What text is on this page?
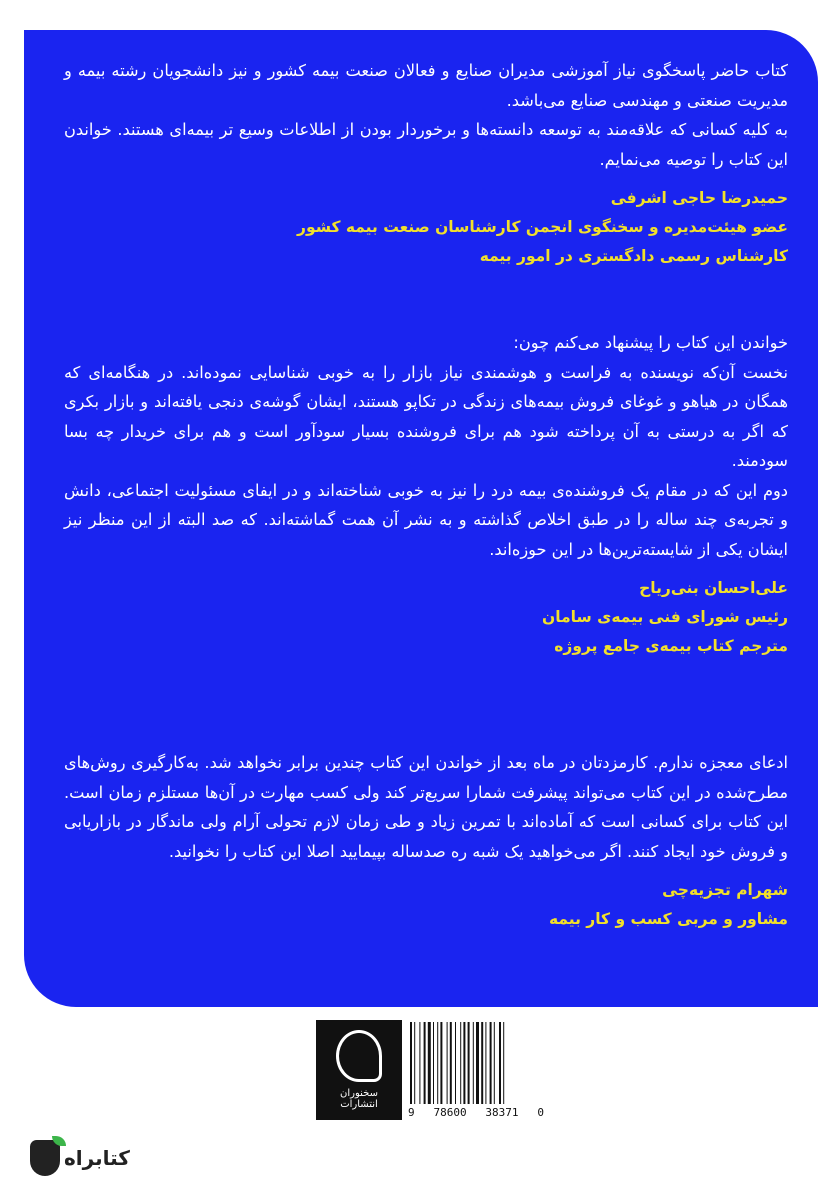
کتاب حاضر پاسخگوی نیاز آموزشی مدیران صنایع و فعالان صنعت بیمه کشور و نیز دانشجویان رشته بیمه و مدیریت صنعتی و مهندسی صنایع می‌باشد.

به کلیه کسانی که علاقه‌مند به توسعه دانسته‌ها و برخوردار بودن از اطلاعات وسیع تر بیمه‌ای هستند. خواندن این کتاب را توصیه می‌نمایم.

حمیدرضا حاجی اشرفی
عضو هیئت‌مدیره و سخنگوی انجمن کارشناسان صنعت بیمه کشور
کارشناس رسمی دادگستری در امور بیمه

خواندن این کتاب را پیشنهاد می‌کنم چون:

نخست آن‌که نویسنده به فراست و هوشمندی نیاز بازار را به خوبی شناسایی نموده‌اند. در هنگامه‌ای که همگان در هیاهو و غوغای فروش بیمه‌های زندگی در تکاپو هستند، ایشان گوشه‌ی دنجی یافته‌اند و بازار بکری که اگر به درستی به آن پرداخته شود هم برای فروشنده بسیار سودآور است و هم برای خریدار چه بسا سودمند.

دوم این که در مقام یک فروشنده‌ی بیمه درد را نیز به خوبی شناخته‌اند و در ایفای مسئولیت اجتماعی، دانش و تجربه‌ی چند ساله را در طبق اخلاص گذاشته و به نشر آن همت گماشته‌اند. که صد البته از این منظر نیز ایشان یکی از شایسته‌ترین‌ها در این حوزه‌اند.

علی‌احسان بنی‌ریاح
رئیس شورای فنی بیمه‌ی سامان
مترجم کتاب بیمه‌ی جامع پروژه

ادعای معجزه ندارم. کارمزدتان در ماه بعد از خواندن این کتاب چندین برابر نخواهد شد. به‌کارگیری روش‌های مطرح‌شده در این کتاب می‌تواند پیشرفت شمارا سریع‌تر کند ولی کسب مهارت در آن‌ها مستلزم زمان است. این کتاب برای کسانی است که آماده‌اند با تمرین زیاد و طی زمان لازم تحولی آرام ولی ماندگار در بازاریابی و فروش خود ایجاد کنند. اگر می‌خواهید یک شبه ره صدساله بپیمایید اصلا این کتاب را نخوانید.

شهرام تجزیه‌چی
مشاور و مربی کسب و کار بیمه
سخنوران
انتشارات
9 78600 38371 0
کتابراه
